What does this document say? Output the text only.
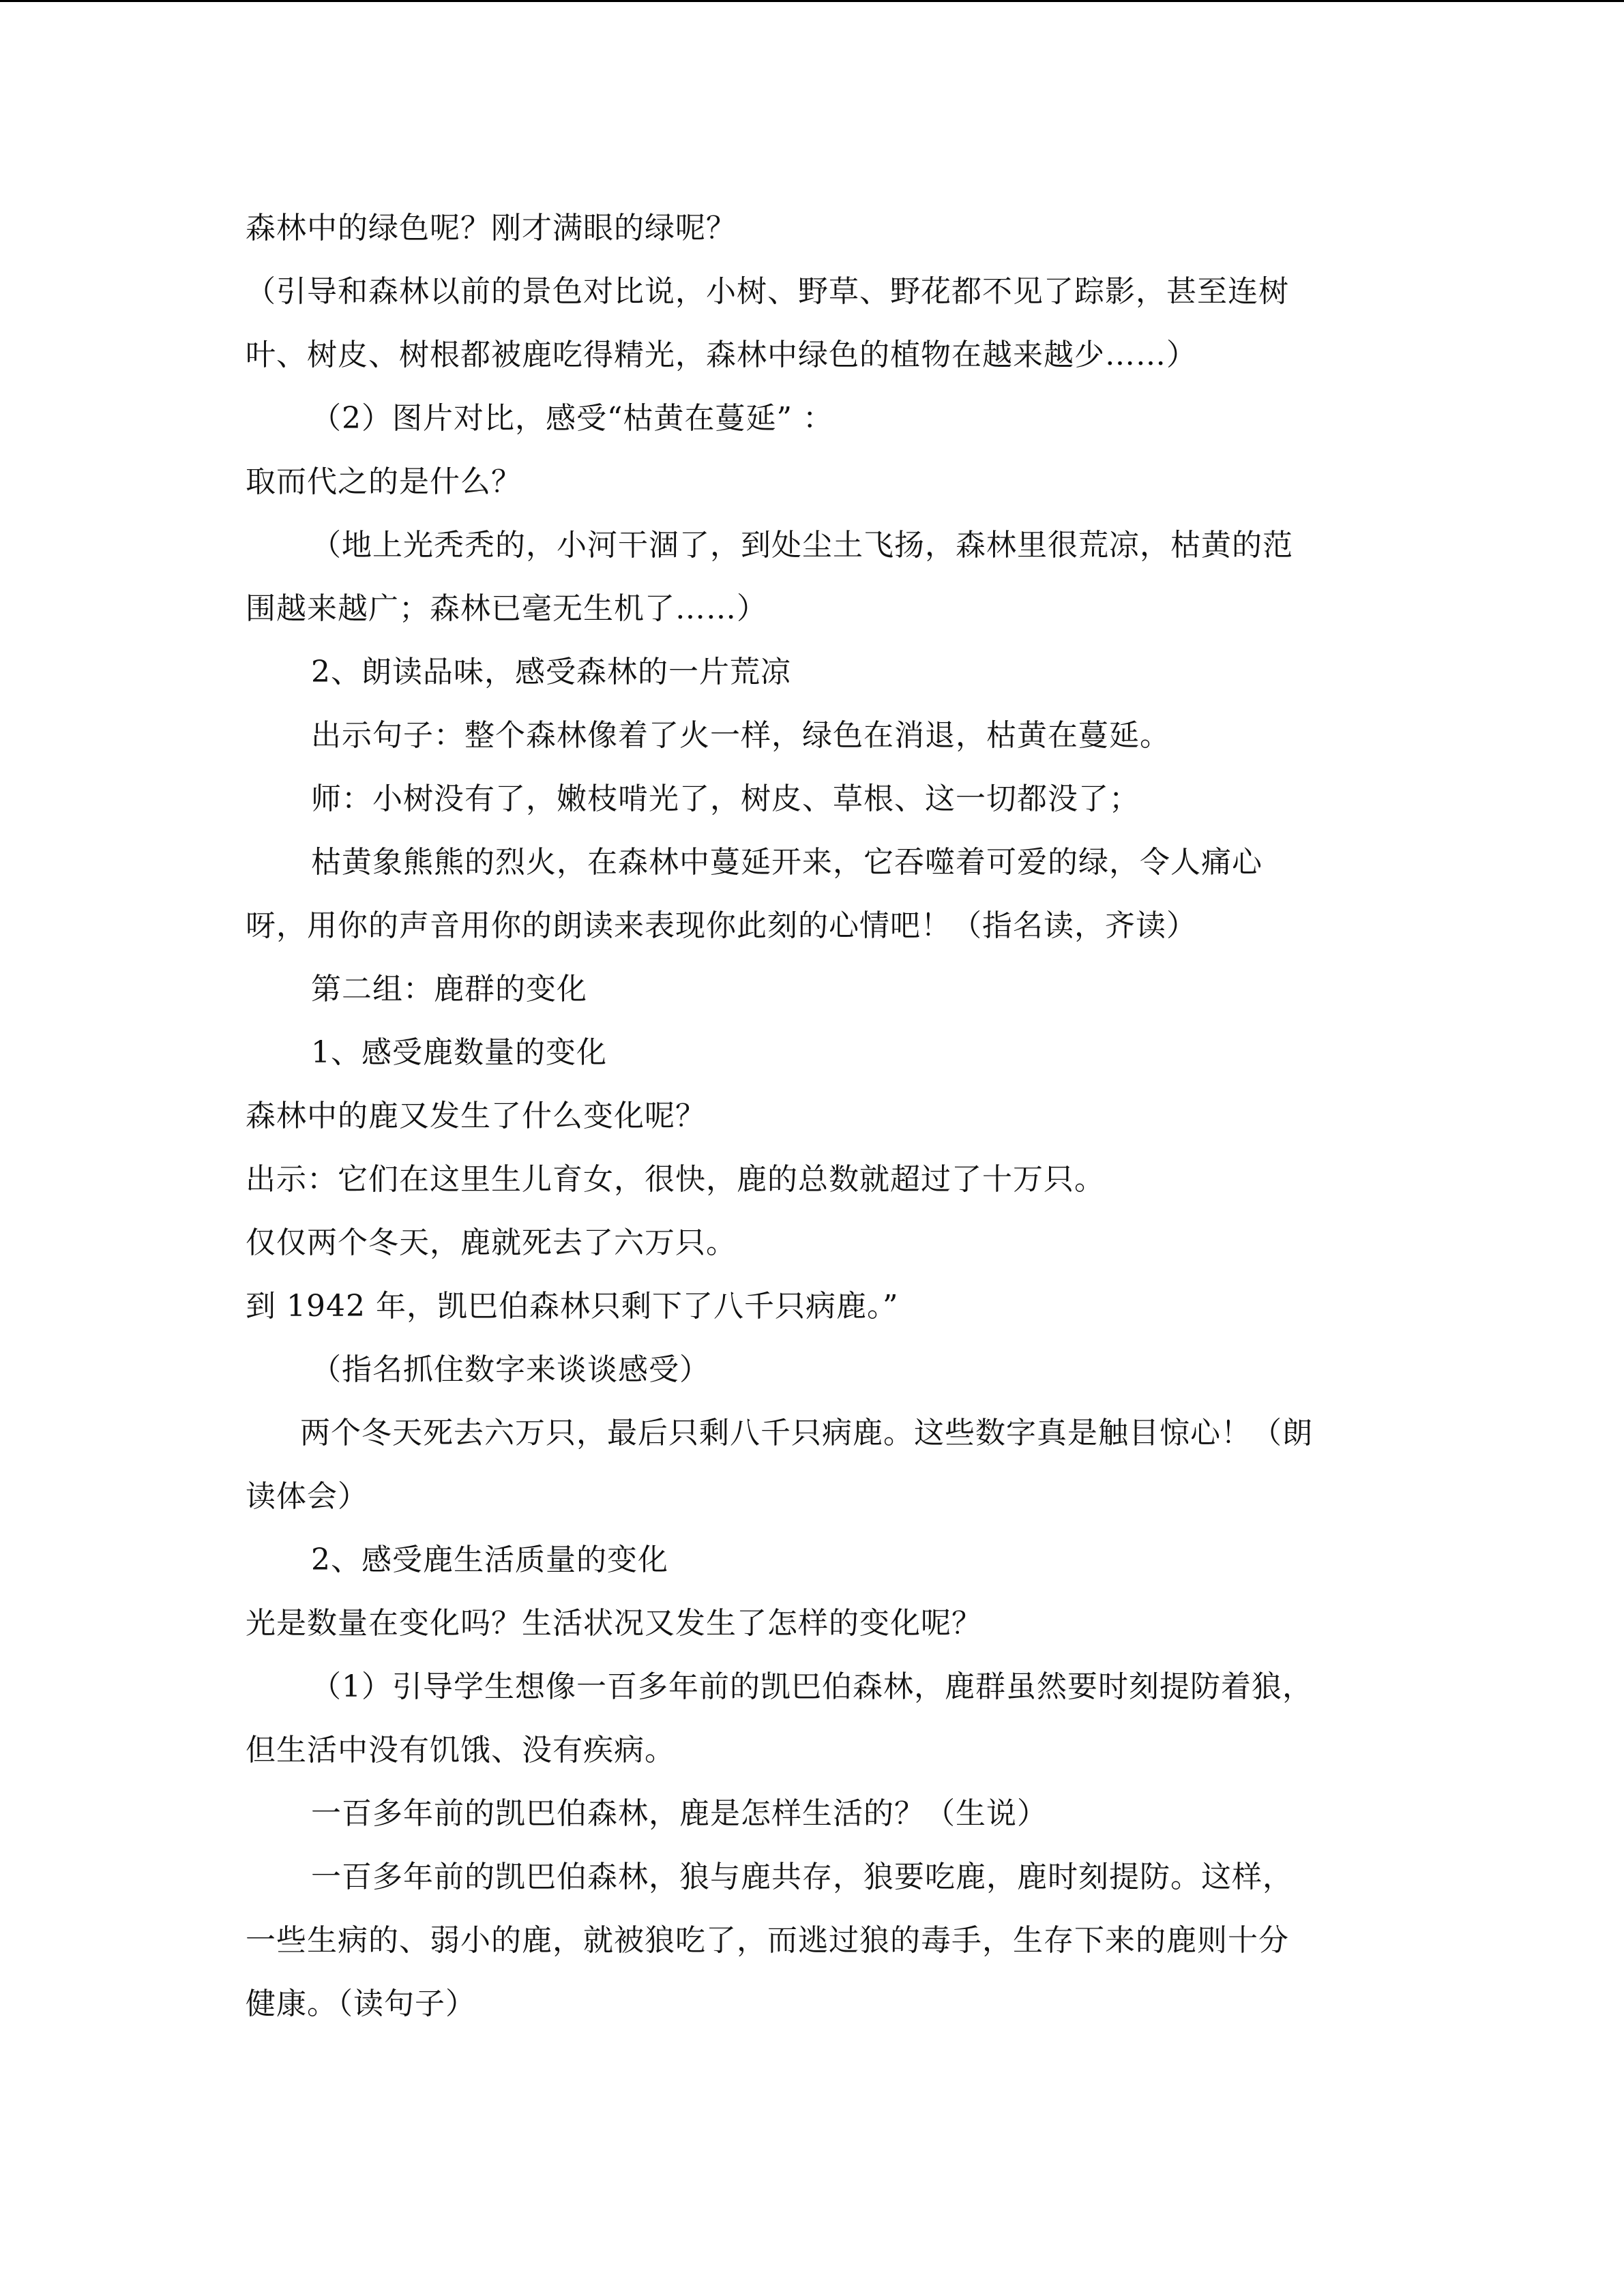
森林中的绿色呢？刚才满眼的绿呢？
（引导和森林以前的景色对比说，小树、野草、野花都不见了踪影，甚至连树
叶、树皮、树根都被鹿吃得精光，森林中绿色的植物在越来越少……）
（2）图片对比，感受“枯黄在蔓延” ：
取而代之的是什么？
（地上光秃秃的，小河干涸了，到处尘土飞扬，森林里很荒凉，枯黄的范
围越来越广；森林已毫无生机了……）
2、朗读品味，感受森林的一片荒凉
出示句子：整个森林像着了火一样，绿色在消退，枯黄在蔓延。
师：小树没有了，嫩枝啃光了，树皮、草根、这一切都没了；
枯黄象熊熊的烈火，在森林中蔓延开来，它吞噬着可爱的绿，令人痛心
呀，用你的声音用你的朗读来表现你此刻的心情吧！（指名读，齐读）
第二组：鹿群的变化
1、感受鹿数量的变化
森林中的鹿又发生了什么变化呢？
出示：它们在这里生儿育女，很快，鹿的总数就超过了十万只。
仅仅两个冬天，鹿就死去了六万只。
到 1942 年，凯巴伯森林只剩下了八千只病鹿。”
（指名抓住数字来谈谈感受）
两个冬天死去六万只，最后只剩八千只病鹿。这些数字真是触目惊心！（朗
读体会）
2、感受鹿生活质量的变化
光是数量在变化吗？生活状况又发生了怎样的变化呢？
（1）引导学生想像一百多年前的凯巴伯森林，鹿群虽然要时刻提防着狼，
但生活中没有饥饿、没有疾病。
一百多年前的凯巴伯森林，鹿是怎样生活的？（生说）
一百多年前的凯巴伯森林，狼与鹿共存，狼要吃鹿，鹿时刻提防。这样，
一些生病的、弱小的鹿，就被狼吃了，而逃过狼的毒手，生存下来的鹿则十分
健康。（读句子）
